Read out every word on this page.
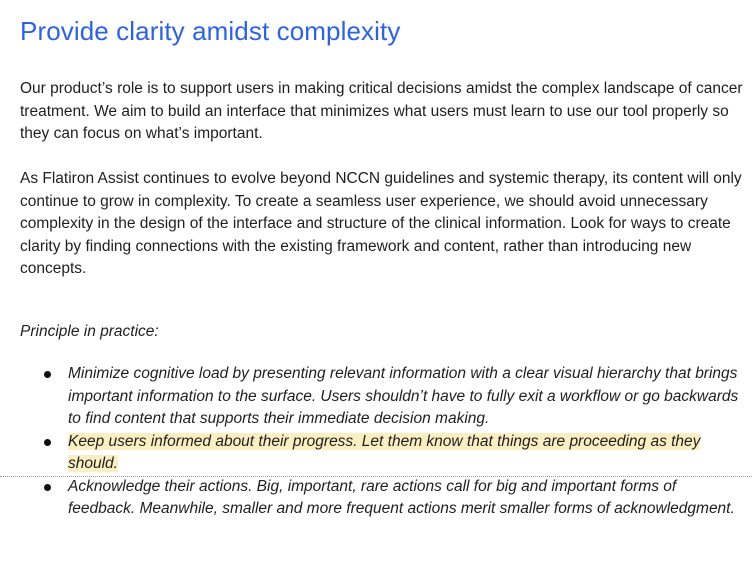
Provide clarity amidst complexity

Our product’s role is to support users in making critical decisions amidst the complex landscape of cancer treatment. We aim to build an interface that minimizes what users must learn to use our tool properly so they can focus on what’s important.

As Flatiron Assist continues to evolve beyond NCCN guidelines and systemic therapy, its content will only continue to grow in complexity. To create a seamless user experience, we should avoid unnecessary complexity in the design of the interface and structure of the clinical information. Look for ways to create clarity by finding connections with the existing framework and content, rather than introducing new concepts.

Principle in practice:

Minimize cognitive load by presenting relevant information with a clear visual hierarchy that brings important information to the surface. Users shouldn’t have to fully exit a workflow or go backwards to find content that supports their immediate decision making.
Keep users informed about their progress. Let them know that things are proceeding as they should.
Acknowledge their actions. Big, important, rare actions call for big and important forms of feedback. Meanwhile, smaller and more frequent actions merit smaller forms of acknowledgment.
